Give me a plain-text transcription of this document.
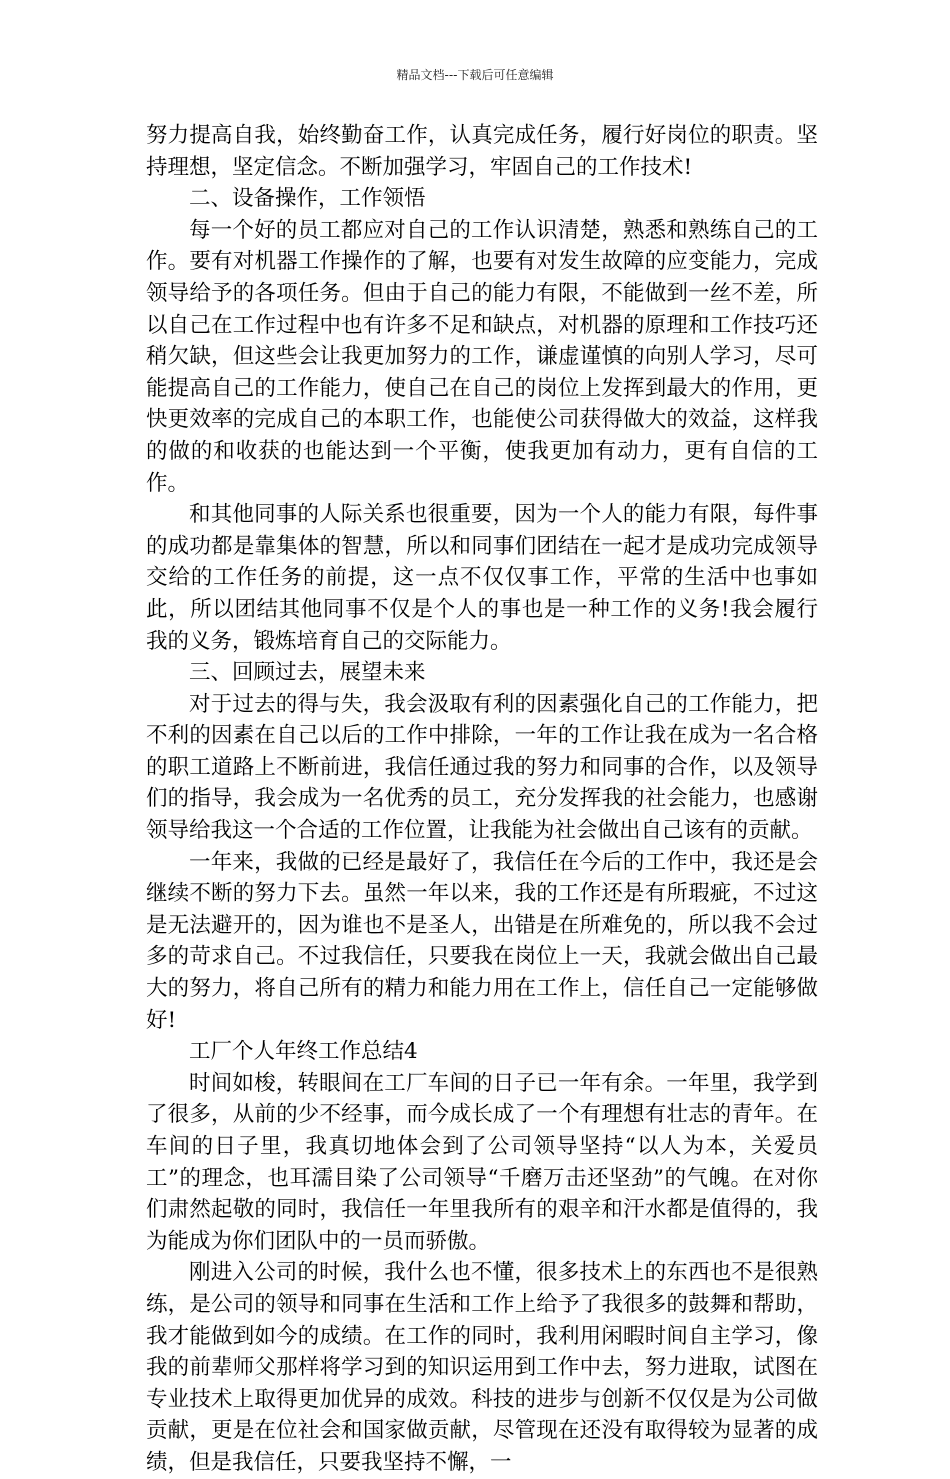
精品文档---下载后可任意编辑

努力提高自我，始终勤奋工作，认真完成任务，履行好岗位的职责。坚持理想，坚定信念。不断加强学习，牢固自己的工作技术!

二、设备操作，工作领悟

每一个好的员工都应对自己的工作认识清楚，熟悉和熟练自己的工作。要有对机器工作操作的了解，也要有对发生故障的应变能力，完成领导给予的各项任务。但由于自己的能力有限，不能做到一丝不差，所以自己在工作过程中也有许多不足和缺点，对机器的原理和工作技巧还稍欠缺，但这些会让我更加努力的工作，谦虚谨慎的向别人学习，尽可能提高自己的工作能力，使自己在自己的岗位上发挥到最大的作用，更快更效率的完成自己的本职工作，也能使公司获得做大的效益，这样我的做的和收获的也能达到一个平衡，使我更加有动力，更有自信的工作。

和其他同事的人际关系也很重要，因为一个人的能力有限，每件事的成功都是靠集体的智慧，所以和同事们团结在一起才是成功完成领导交给的工作任务的前提，这一点不仅仅事工作，平常的生活中也事如此，所以团结其他同事不仅是个人的事也是一种工作的义务!我会履行我的义务，锻炼培育自己的交际能力。

三、回顾过去，展望未来

对于过去的得与失，我会汲取有利的因素强化自己的工作能力，把不利的因素在自己以后的工作中排除，一年的工作让我在成为一名合格的职工道路上不断前进，我信任通过我的努力和同事的合作，以及领导们的指导，我会成为一名优秀的员工，充分发挥我的社会能力，也感谢领导给我这一个合适的工作位置，让我能为社会做出自己该有的贡献。

一年来，我做的已经是最好了，我信任在今后的工作中，我还是会继续不断的努力下去。虽然一年以来，我的工作还是有所瑕疵，不过这是无法避开的，因为谁也不是圣人，出错是在所难免的，所以我不会过多的苛求自己。不过我信任，只要我在岗位上一天，我就会做出自己最大的努力，将自己所有的精力和能力用在工作上，信任自己一定能够做好!

工厂个人年终工作总结4

时间如梭，转眼间在工厂车间的日子已一年有余。一年里，我学到了很多，从前的少不经事，而今成长成了一个有理想有壮志的青年。在车间的日子里，我真切地体会到了公司领导坚持“以人为本，关爱员工”的理念，也耳濡目染了公司领导“千磨万击还坚劲”的气魄。在对你们肃然起敬的同时，我信任一年里我所有的艰辛和汗水都是值得的，我为能成为你们团队中的一员而骄傲。

刚进入公司的时候，我什么也不懂，很多技术上的东西也不是很熟练，是公司的领导和同事在生活和工作上给予了我很多的鼓舞和帮助，我才能做到如今的成绩。在工作的同时，我利用闲暇时间自主学习，像我的前辈师父那样将学习到的知识运用到工作中去，努力进取，试图在专业技术上取得更加优异的成效。科技的进步与创新不仅仅是为公司做贡献，更是在位社会和国家做贡献，尽管现在还没有取得较为显著的成绩，但是我信任，只要我坚持不懈，一
